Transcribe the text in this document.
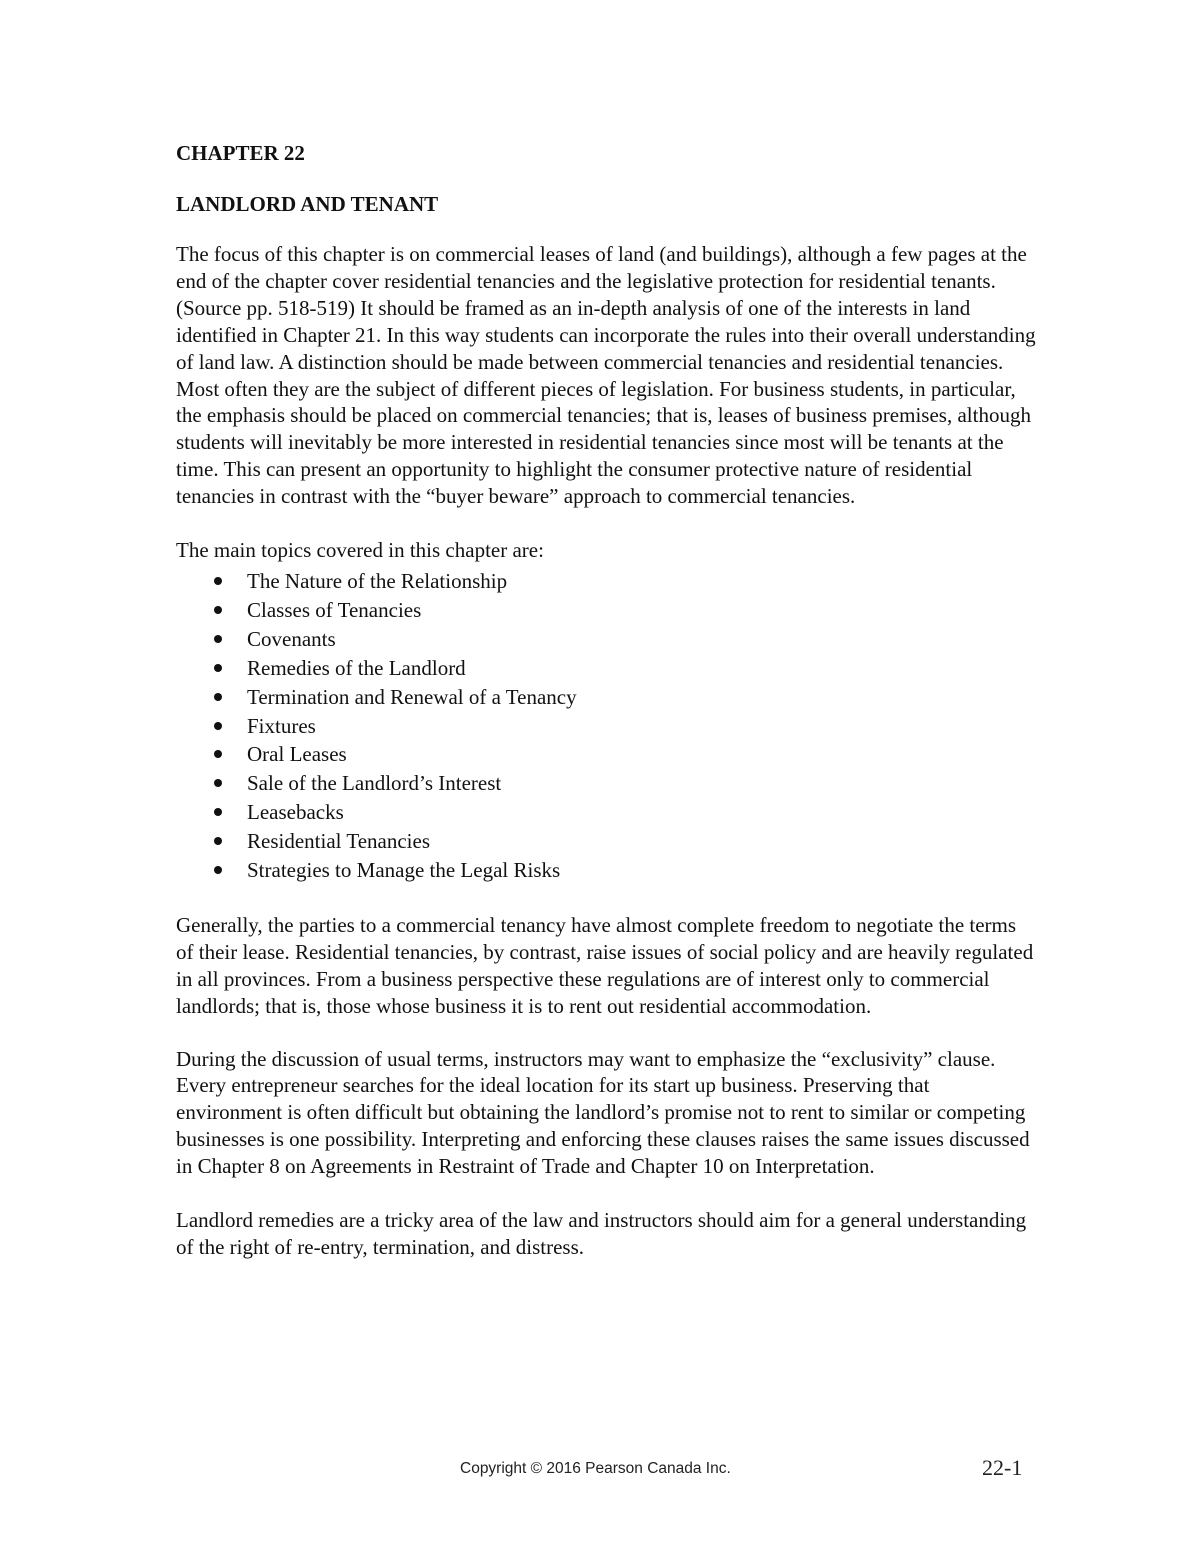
CHAPTER 22

LANDLORD AND TENANT

The focus of this chapter is on commercial leases of land (and buildings), although a few pages at the end of the chapter cover residential tenancies and the legislative protection for residential tenants. (Source pp. 518-519) It should be framed as an in-depth analysis of one of the interests in land identified in Chapter 21. In this way students can incorporate the rules into their overall understanding of land law. A distinction should be made between commercial tenancies and residential tenancies. Most often they are the subject of different pieces of legislation. For business students, in particular, the emphasis should be placed on commercial tenancies; that is, leases of business premises, although students will inevitably be more interested in residential tenancies since most will be tenants at the time. This can present an opportunity to highlight the consumer protective nature of residential tenancies in contrast with the “buyer beware” approach to commercial tenancies.

The main topics covered in this chapter are:

The Nature of the Relationship
Classes of Tenancies
Covenants
Remedies of the Landlord
Termination and Renewal of a Tenancy
Fixtures
Oral Leases
Sale of the Landlord’s Interest
Leasebacks
Residential Tenancies
Strategies to Manage the Legal Risks

Generally, the parties to a commercial tenancy have almost complete freedom to negotiate the terms of their lease. Residential tenancies, by contrast, raise issues of social policy and are heavily regulated in all provinces. From a business perspective these regulations are of interest only to commercial landlords; that is, those whose business it is to rent out residential accommodation.

During the discussion of usual terms, instructors may want to emphasize the “exclusivity” clause. Every entrepreneur searches for the ideal location for its start up business. Preserving that environment is often difficult but obtaining the landlord’s promise not to rent to similar or competing businesses is one possibility. Interpreting and enforcing these clauses raises the same issues discussed in Chapter 8 on Agreements in Restraint of Trade and Chapter 10 on Interpretation.

Landlord remedies are a tricky area of the law and instructors should aim for a general understanding of the right of re-entry, termination, and distress.

Copyright © 2016 Pearson Canada Inc.	22-1
